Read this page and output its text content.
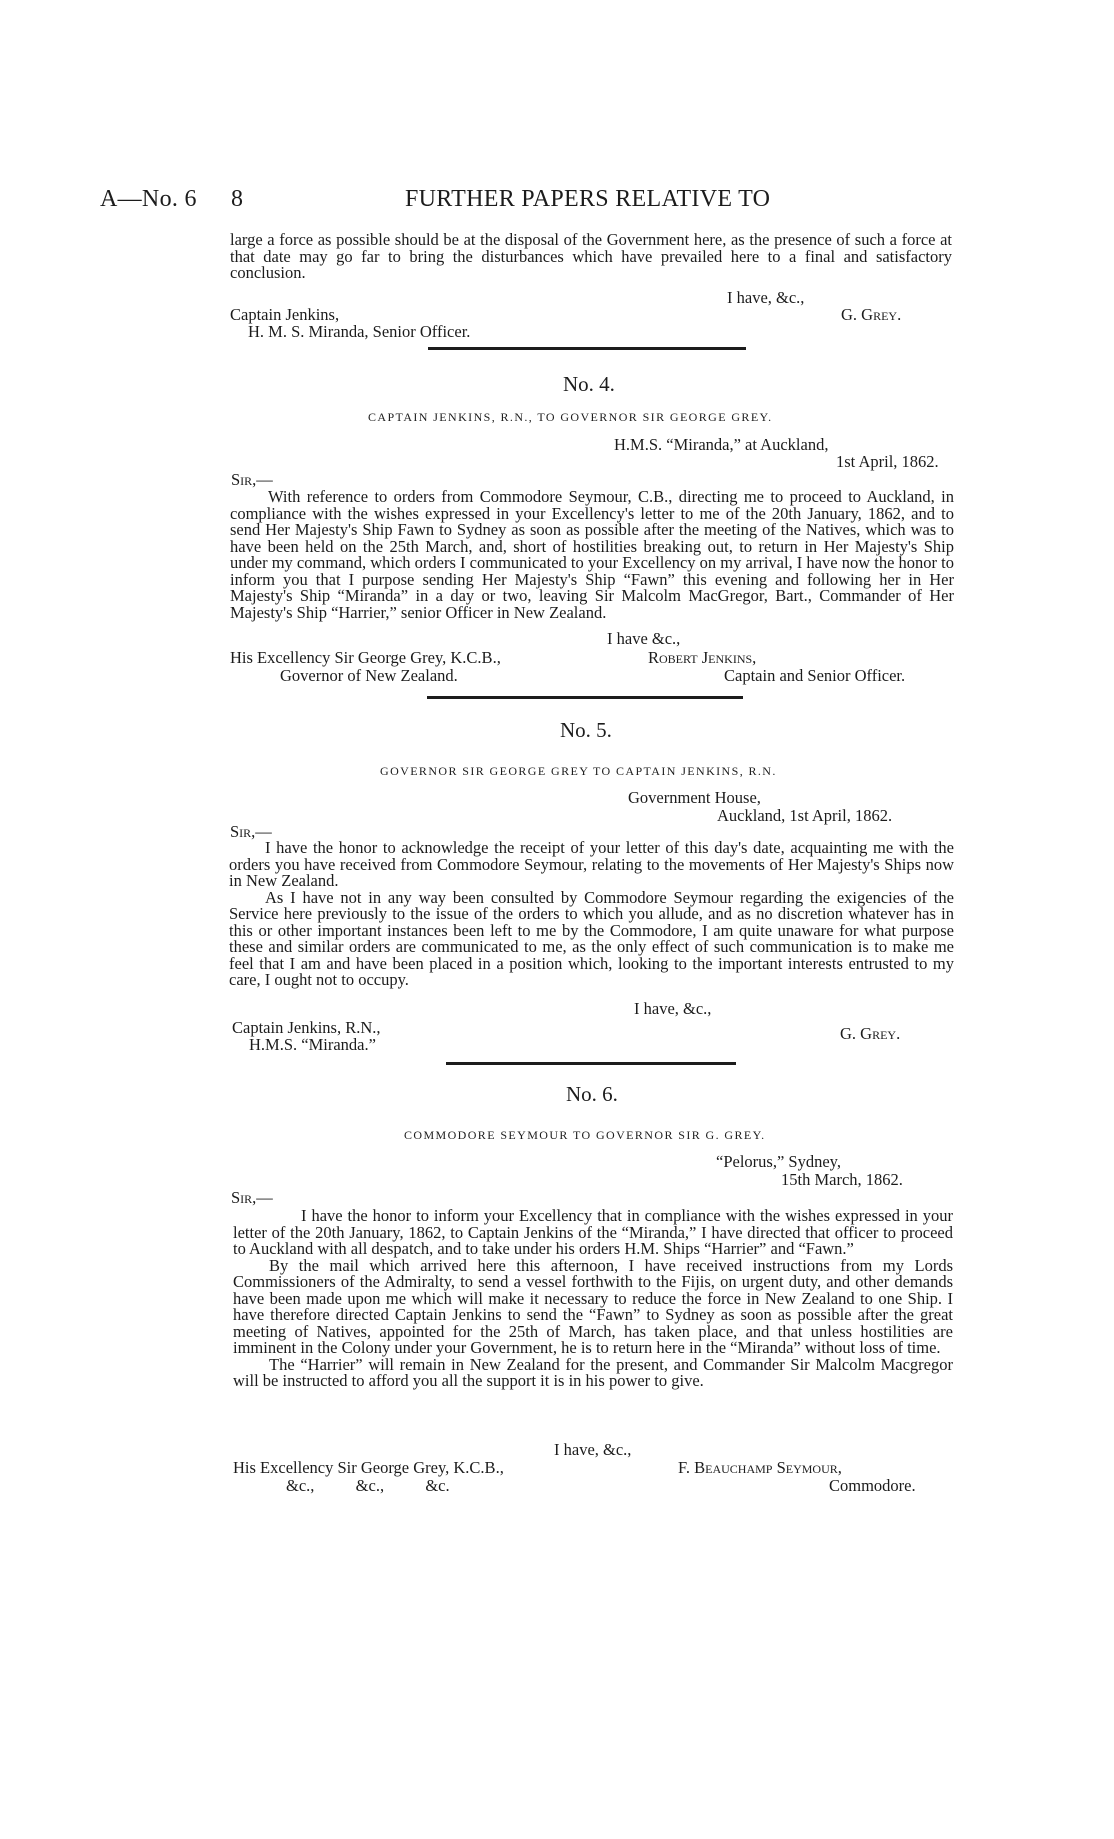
A—No. 6 8	FURTHER PAPERS RELATIVE TO

large a force as possible should be at the disposal of the Government here, as the presence of such a force at that date may go far to bring the disturbances which have prevailed here to a final and satisfactory conclusion.

I have, &c.,
Captain Jenkins,
H. M. S. Miranda, Senior Officer.
G. Grey.
No. 4.
CAPTAIN JENKINS, R.N., TO GOVERNOR SIR GEORGE GREY.
H.M.S. “Miranda,” at Auckland,
1st April, 1862.
Sir,—

With reference to orders from Commodore Seymour, C.B., directing me to proceed to Auckland, in compliance with the wishes expressed in your Excellency's letter to me of the 20th January, 1862, and to send Her Majesty's Ship Fawn to Sydney as soon as possible after the meeting of the Natives, which was to have been held on the 25th March, and, short of hostilities breaking out, to return in Her Majesty's Ship under my command, which orders I communicated to your Excellency on my arrival, I have now the honor to inform you that I purpose sending Her Majesty's Ship “Fawn” this evening and following her in Her Majesty's Ship “Miranda” in a day or two, leaving Sir Malcolm MacGregor, Bart., Commander of Her Majesty's Ship “Harrier,” senior Officer in New Zealand.

I have &c.,
His Excellency Sir George Grey, K.C.B.,
Governor of New Zealand.
Robert Jenkins,
Captain and Senior Officer.
No. 5.
GOVERNOR SIR GEORGE GREY TO CAPTAIN JENKINS, R.N.
Government House,
Auckland, 1st April, 1862.
Sir,—

I have the honor to acknowledge the receipt of your letter of this day's date, acquainting me with the orders you have received from Commodore Seymour, relating to the movements of Her Majesty's Ships now in New Zealand.

As I have not in any way been consulted by Commodore Seymour regarding the exigencies of the Service here previously to the issue of the orders to which you allude, and as no discretion whatever has in this or other important instances been left to me by the Commodore, I am quite unaware for what purpose these and similar orders are communicated to me, as the only effect of such communication is to make me feel that I am and have been placed in a position which, looking to the important interests entrusted to my care, I ought not to occupy.

I have, &c.,
Captain Jenkins, R.N.,
H.M.S. “Miranda.”
G. Grey.
No. 6.
COMMODORE SEYMOUR TO GOVERNOR SIR G. GREY.
“Pelorus,” Sydney,
15th March, 1862.
Sir,—

I have the honor to inform your Excellency that in compliance with the wishes expressed in your letter of the 20th January, 1862, to Captain Jenkins of the “Miranda,” I have directed that officer to proceed to Auckland with all despatch, and to take under his orders H.M. Ships “Harrier” and “Fawn.”

By the mail which arrived here this afternoon, I have received instructions from my Lords Commissioners of the Admiralty, to send a vessel forthwith to the Fijis, on urgent duty, and other demands have been made upon me which will make it necessary to reduce the force in New Zealand to one Ship. I have therefore directed Captain Jenkins to send the “Fawn” to Sydney as soon as possible after the great meeting of Natives, appointed for the 25th of March, has taken place, and that unless hostilities are imminent in the Colony under your Government, he is to return here in the “Miranda” without loss of time.

The “Harrier” will remain in New Zealand for the present, and Commander Sir Malcolm Macgregor will be instructed to afford you all the support it is in his power to give.

I have, &c.,
His Excellency Sir George Grey, K.C.B.,
&c.,          &c.,          &c.
F. Beauchamp Seymour,
Commodore.
